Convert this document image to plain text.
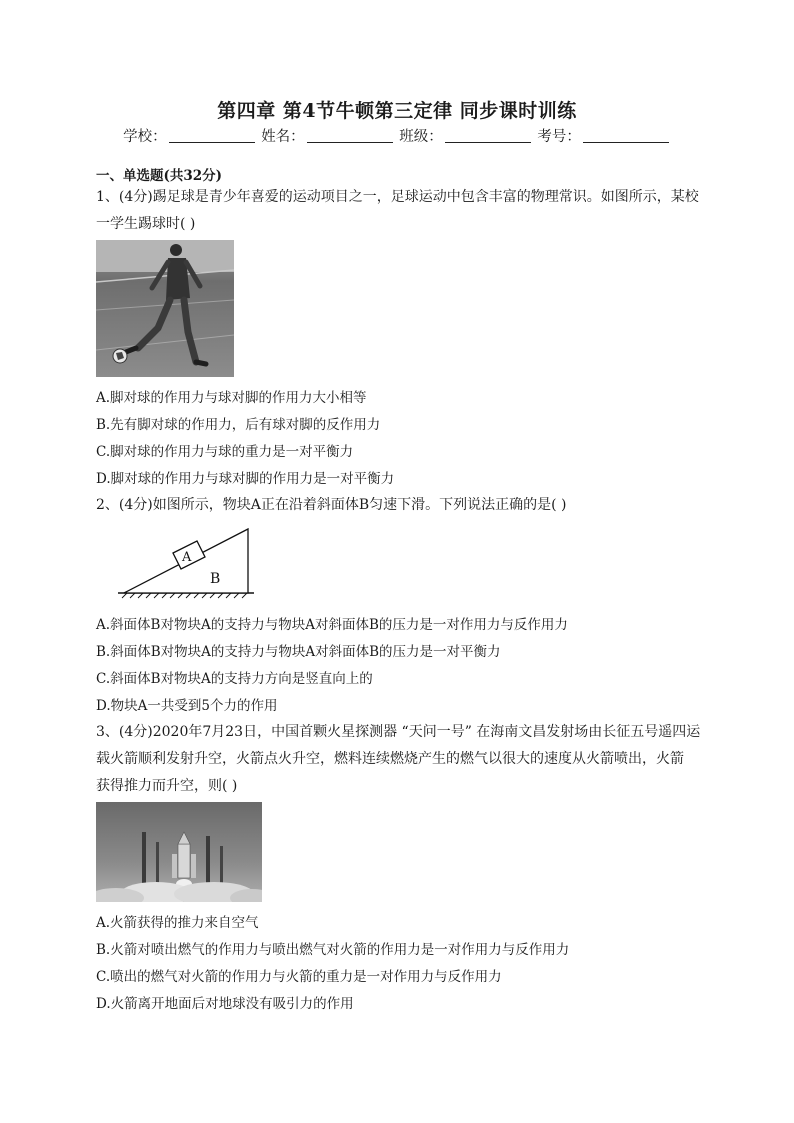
第四章 第4节牛顿第三定律 同步课时训练
学校：	姓名：	班级：	考号：
一、单选题(共32分)
1、(4分)踢足球是青少年喜爱的运动项目之一，足球运动中包含丰富的物理常识。如图所示，某校
一学生踢球时( )
A.脚对球的作用力与球对脚的作用力大小相等
B.先有脚对球的作用力，后有球对脚的反作用力
C.脚对球的作用力与球的重力是一对平衡力
D.脚对球的作用力与球对脚的作用力是一对平衡力
2、(4分)如图所示，物块A正在沿着斜面体B匀速下滑。下列说法正确的是( )
A
B
A.斜面体B对物块A的支持力与物块A对斜面体B的压力是一对作用力与反作用力
B.斜面体B对物块A的支持力与物块A对斜面体B的压力是一对平衡力
C.斜面体B对物块A的支持力方向是竖直向上的
D.物块A一共受到5个力的作用
3、(4分)2020年7月23日，中国首颗火星探测器 “天问一号” 在海南文昌发射场由长征五号遥四运
载火箭顺利发射升空，火箭点火升空，燃料连续燃烧产生的燃气以很大的速度从火箭喷出，火箭
获得推力而升空，则( )
A.火箭获得的推力来自空气
B.火箭对喷出燃气的作用力与喷出燃气对火箭的作用力是一对作用力与反作用力
C.喷出的燃气对火箭的作用力与火箭的重力是一对作用力与反作用力
D.火箭离开地面后对地球没有吸引力的作用
